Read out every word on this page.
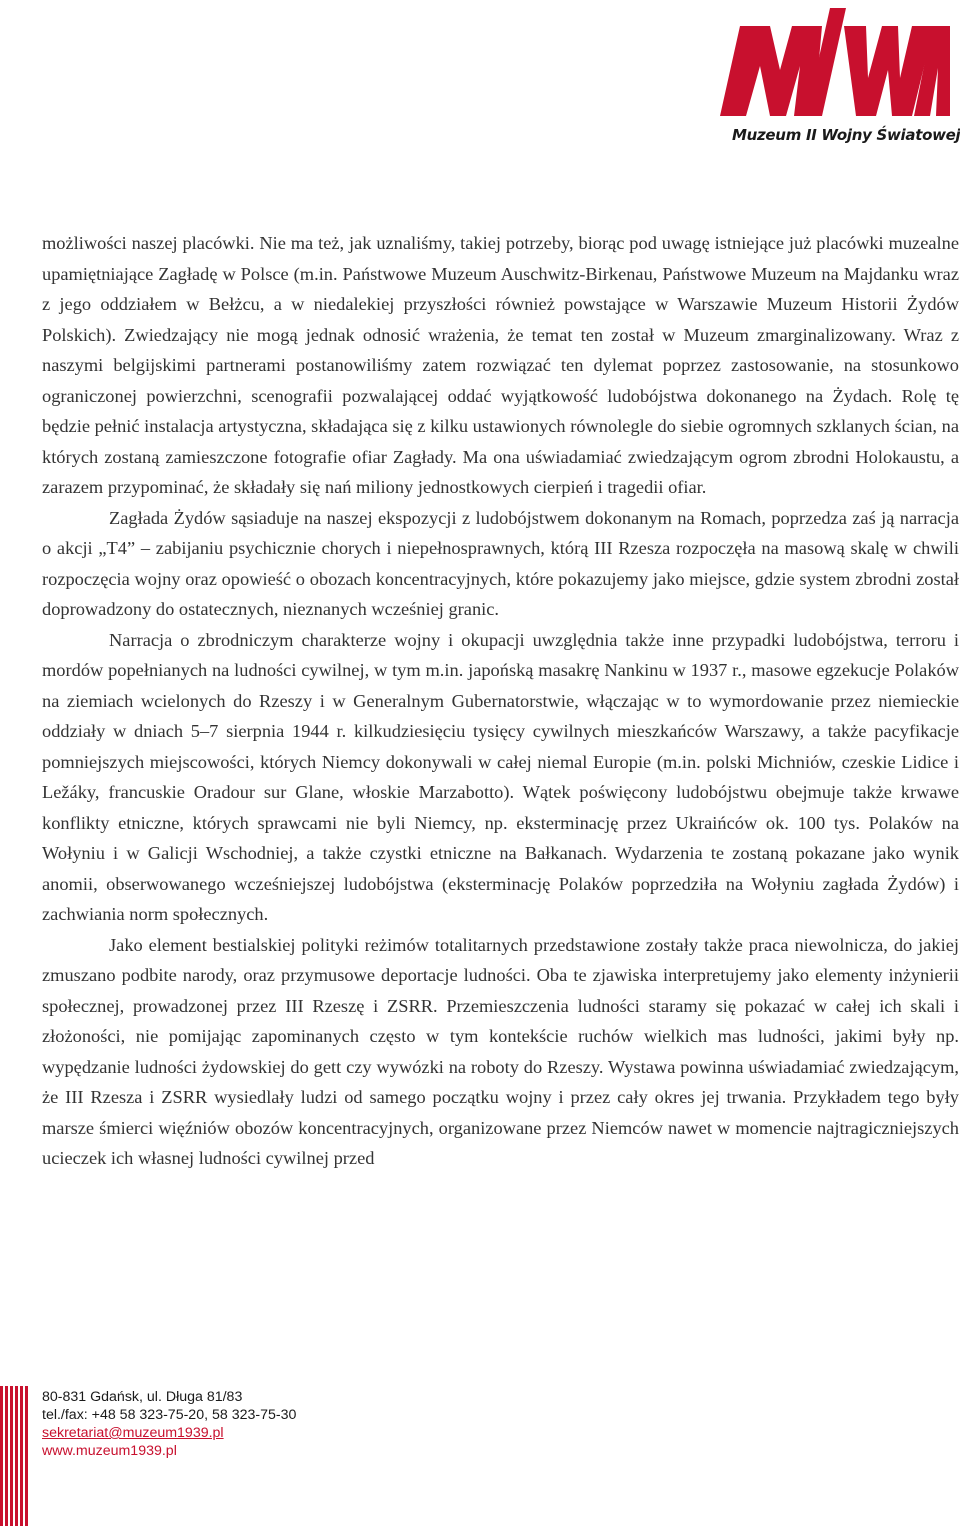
Muzeum II Wojny Światowej

możliwości naszej placówki. Nie ma też, jak uznaliśmy, takiej potrzeby, biorąc pod uwagę istniejące już placówki muzealne upamiętniające Zagładę w Polsce (m.in. Państwowe Muzeum Auschwitz-Birkenau, Państwowe Muzeum na Majdanku wraz z jego oddziałem w Bełżcu, a w niedalekiej przyszłości również powstające w Warszawie Muzeum Historii Żydów Polskich). Zwiedzający nie mogą jednak odnosić wrażenia, że temat ten został w Muzeum zmarginalizowany. Wraz z naszymi belgijskimi partnerami postanowiliśmy zatem rozwiązać ten dylemat poprzez zastosowanie, na stosunkowo ograniczonej powierzchni, scenografii pozwalającej oddać wyjątkowość ludobójstwa dokonanego na Żydach. Rolę tę będzie pełnić instalacja artystyczna, składająca się z kilku ustawionych równolegle do siebie ogromnych szklanych ścian, na których zostaną zamieszczone fotografie ofiar Zagłady. Ma ona uświadamiać zwiedzającym ogrom zbrodni Holokaustu, a zarazem przypominać, że składały się nań miliony jednostkowych cierpień i tragedii ofiar.

Zagłada Żydów sąsiaduje na naszej ekspozycji z ludobójstwem dokonanym na Romach, poprzedza zaś ją narracja o akcji „T4” – zabijaniu psychicznie chorych i niepełnosprawnych, którą III Rzesza rozpoczęła na masową skalę w chwili rozpoczęcia wojny oraz opowieść o obozach koncentracyjnych, które pokazujemy jako miejsce, gdzie system zbrodni został doprowadzony do ostatecznych, nieznanych wcześniej granic.

Narracja o zbrodniczym charakterze wojny i okupacji uwzględnia także inne przypadki ludobójstwa, terroru i mordów popełnianych na ludności cywilnej, w tym m.in. japońską masakrę Nankinu w 1937 r., masowe egzekucje Polaków na ziemiach wcielonych do Rzeszy i w Generalnym Gubernatorstwie, włączając w to wymordowanie przez niemieckie oddziały w dniach 5–7 sierpnia 1944 r. kilkudziesięciu tysięcy cywilnych mieszkańców Warszawy, a także pacyfikacje pomniejszych miejscowości, których Niemcy dokonywali w całej niemal Europie (m.in. polski Michniów, czeskie Lidice i Ležáky, francuskie Oradour sur Glane, włoskie Marzabotto). Wątek poświęcony ludobójstwu obejmuje także krwawe konflikty etniczne, których sprawcami nie byli Niemcy, np. eksterminację przez Ukraińców ok. 100 tys. Polaków na Wołyniu i w Galicji Wschodniej, a także czystki etniczne na Bałkanach. Wydarzenia te zostaną pokazane jako wynik anomii, obserwowanego wcześniejszej ludobójstwa (eksterminację Polaków poprzedziła na Wołyniu zagłada Żydów) i zachwiania norm społecznych.

Jako element bestialskiej polityki reżimów totalitarnych przedstawione zostały także praca niewolnicza, do jakiej zmuszano podbite narody, oraz przymusowe deportacje ludności. Oba te zjawiska interpretujemy jako elementy inżynierii społecznej, prowadzonej przez III Rzeszę i ZSRR. Przemieszczenia ludności staramy się pokazać w całej ich skali i złożoności, nie pomijając zapominanych często w tym kontekście ruchów wielkich mas ludności, jakimi były np. wypędzanie ludności żydowskiej do gett czy wywózki na roboty do Rzeszy. Wystawa powinna uświadamiać zwiedzającym, że III Rzesza i ZSRR wysiedlały ludzi od samego początku wojny i przez cały okres jej trwania. Przykładem tego były marsze śmierci więźniów obozów koncentracyjnych, organizowane przez Niemców nawet w momencie najtragiczniejszych ucieczek ich własnej ludności cywilnej przed

80-831 Gdańsk, ul. Długa 81/83
tel./fax: +48 58 323-75-20, 58 323-75-30
sekretariat@muzeum1939.pl
www.muzeum1939.pl
